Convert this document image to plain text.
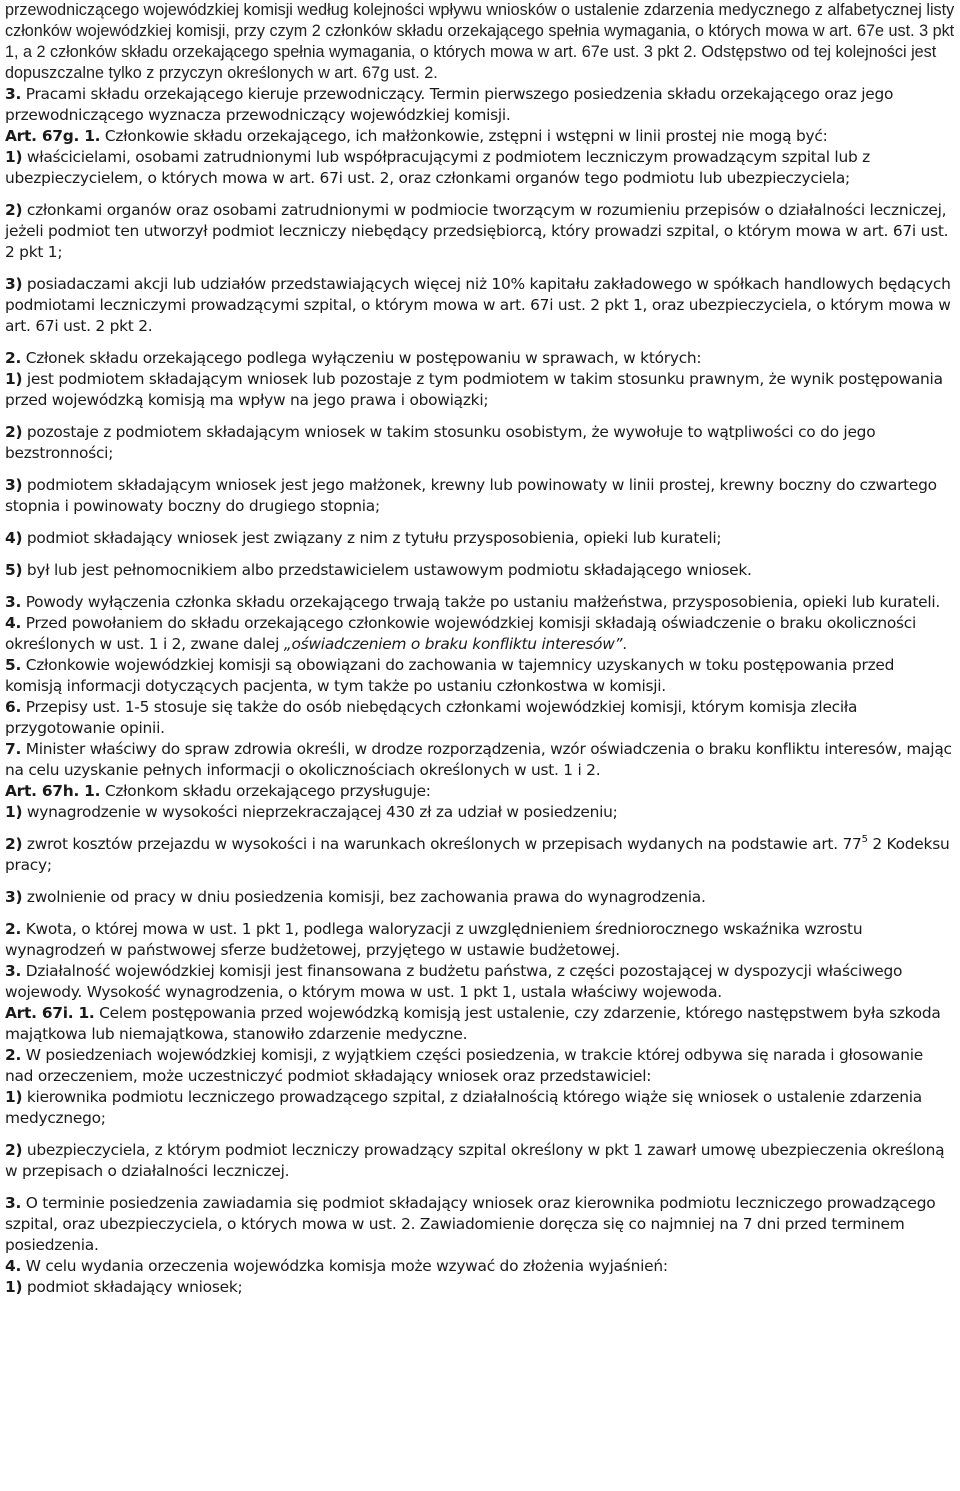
przewodniczącego wojewódzkiej komisji według kolejności wpływu wniosków o ustalenie zdarzenia medycznego z alfabetycznej listy członków wojewódzkiej komisji, przy czym 2 członków składu orzekającego spełnia wymagania, o których mowa w art. 67e ust. 3 pkt 1, a 2 członków składu orzekającego spełnia wymagania, o których mowa w art. 67e ust. 3 pkt 2. Odstępstwo od tej kolejności jest dopuszczalne tylko z przyczyn określonych w art. 67g ust. 2.

3. Pracami składu orzekającego kieruje przewodniczący. Termin pierwszego posiedzenia składu orzekającego oraz jego przewodniczącego wyznacza przewodniczący wojewódzkiej komisji.

Art. 67g. 1. Członkowie składu orzekającego, ich małżonkowie, zstępni i wstępni w linii prostej nie mogą być:

1) właścicielami, osobami zatrudnionymi lub współpracującymi z podmiotem leczniczym prowadzącym szpital lub z ubezpieczycielem, o których mowa w art. 67i ust. 2, oraz członkami organów tego podmiotu lub ubezpieczyciela;

2) członkami organów oraz osobami zatrudnionymi w podmiocie tworzącym w rozumieniu przepisów o działalności leczniczej, jeżeli podmiot ten utworzył podmiot leczniczy niebędący przedsiębiorcą, który prowadzi szpital, o którym mowa w art. 67i ust. 2 pkt 1;

3) posiadaczami akcji lub udziałów przedstawiających więcej niż 10% kapitału zakładowego w spółkach handlowych będących podmiotami leczniczymi prowadzącymi szpital, o którym mowa w art. 67i ust. 2 pkt 1, oraz ubezpieczyciela, o którym mowa w art. 67i ust. 2 pkt 2.

2. Członek składu orzekającego podlega wyłączeniu w postępowaniu w sprawach, w których:

1) jest podmiotem składającym wniosek lub pozostaje z tym podmiotem w takim stosunku prawnym, że wynik postępowania przed wojewódzką komisją ma wpływ na jego prawa i obowiązki;

2) pozostaje z podmiotem składającym wniosek w takim stosunku osobistym, że wywołuje to wątpliwości co do jego bezstronności;

3) podmiotem składającym wniosek jest jego małżonek, krewny lub powinowaty w linii prostej, krewny boczny do czwartego stopnia i powinowaty boczny do drugiego stopnia;

4) podmiot składający wniosek jest związany z nim z tytułu przysposobienia, opieki lub kurateli;

5) był lub jest pełnomocnikiem albo przedstawicielem ustawowym podmiotu składającego wniosek.

3. Powody wyłączenia członka składu orzekającego trwają także po ustaniu małżeństwa, przysposobienia, opieki lub kurateli.

4. Przed powołaniem do składu orzekającego członkowie wojewódzkiej komisji składają oświadczenie o braku okoliczności określonych w ust. 1 i 2, zwane dalej „oświadczeniem o braku konfliktu interesów”.

5. Członkowie wojewódzkiej komisji są obowiązani do zachowania w tajemnicy uzyskanych w toku postępowania przed komisją informacji dotyczących pacjenta, w tym także po ustaniu członkostwa w komisji.

6. Przepisy ust. 1-5 stosuje się także do osób niebędących członkami wojewódzkiej komisji, którym komisja zleciła przygotowanie opinii.

7. Minister właściwy do spraw zdrowia określi, w drodze rozporządzenia, wzór oświadczenia o braku konfliktu interesów, mając na celu uzyskanie pełnych informacji o okolicznościach określonych w ust. 1 i 2.

Art. 67h. 1. Członkom składu orzekającego przysługuje:

1) wynagrodzenie w wysokości nieprzekraczającej 430 zł za udział w posiedzeniu;

2) zwrot kosztów przejazdu w wysokości i na warunkach określonych w przepisach wydanych na podstawie art. $77^5$ 2 Kodeksu pracy;

3) zwolnienie od pracy w dniu posiedzenia komisji, bez zachowania prawa do wynagrodzenia.

2. Kwota, o której mowa w ust. 1 pkt 1, podlega waloryzacji z uwzględnieniem średniorocznego wskaźnika wzrostu wynagrodzeń w państwowej sferze budżetowej, przyjętego w ustawie budżetowej.

3. Działalność wojewódzkiej komisji jest finansowana z budżetu państwa, z części pozostającej w dyspozycji właściwego wojewody. Wysokość wynagrodzenia, o którym mowa w ust. 1 pkt 1, ustala właściwy wojewoda.

Art. 67i. 1. Celem postępowania przed wojewódzką komisją jest ustalenie, czy zdarzenie, którego następstwem była szkoda majątkowa lub niemajątkowa, stanowiło zdarzenie medyczne.

2. W posiedzeniach wojewódzkiej komisji, z wyjątkiem części posiedzenia, w trakcie której odbywa się narada i głosowanie nad orzeczeniem, może uczestniczyć podmiot składający wniosek oraz przedstawiciel:

1) kierownika podmiotu leczniczego prowadzącego szpital, z działalnością którego wiąże się wniosek o ustalenie zdarzenia medycznego;

2) ubezpieczyciela, z którym podmiot leczniczy prowadzący szpital określony w pkt 1 zawarł umowę ubezpieczenia określoną w przepisach o działalności leczniczej.

3. O terminie posiedzenia zawiadamia się podmiot składający wniosek oraz kierownika podmiotu leczniczego prowadzącego szpital, oraz ubezpieczyciela, o których mowa w ust. 2. Zawiadomienie doręcza się co najmniej na 7 dni przed terminem posiedzenia.

4. W celu wydania orzeczenia wojewódzka komisja może wzywać do złożenia wyjaśnień:

1) podmiot składający wniosek;
